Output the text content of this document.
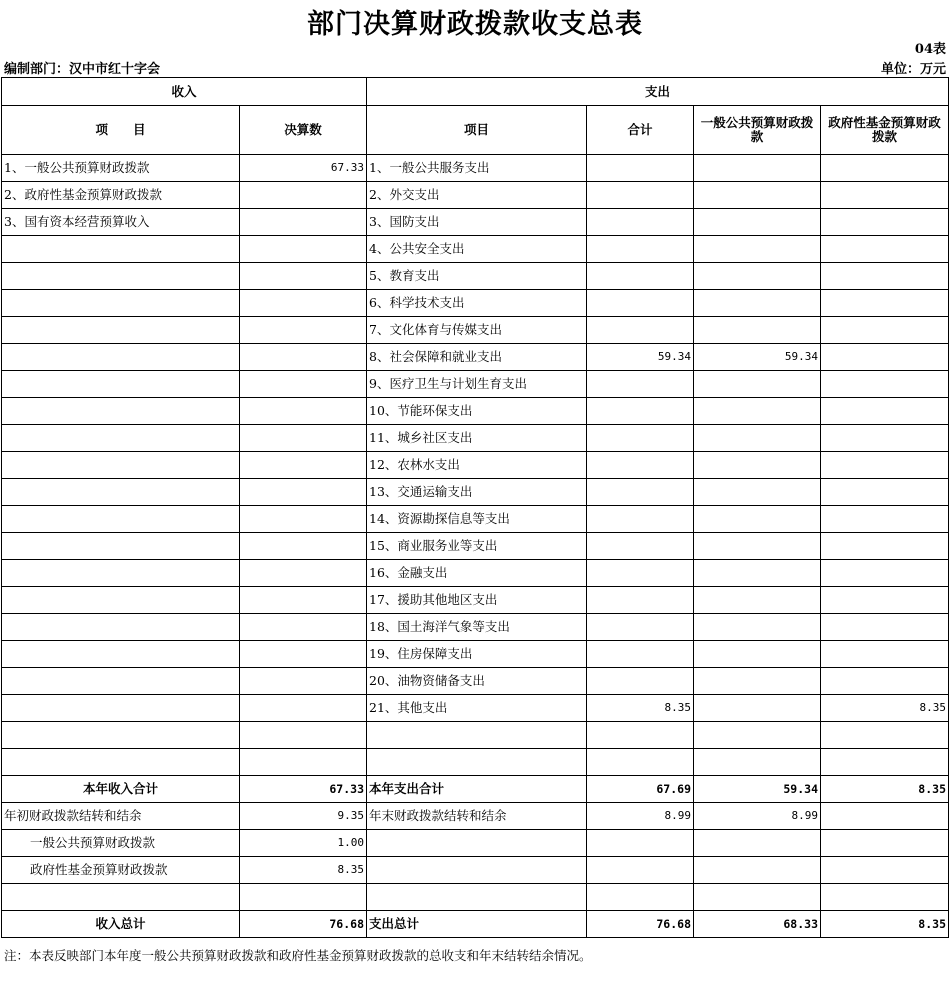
部门决算财政拨款收支总表
04表
编制部门：汉中市红十字会	单位：万元
收入		支出			
项　　目	决算数	项目	合计	一般公共预算财政拨款	政府性基金预算财政拨款
1、一般公共预算财政拨款	67.33	1、一般公共服务支出			
2、政府性基金预算财政拨款		2、外交支出			
3、国有资本经营预算收入		3、国防支出			
		4、公共安全支出			
		5、教育支出			
		6、科学技术支出			
		7、文化体育与传媒支出			
		8、社会保障和就业支出	59.34	59.34	
		9、医疗卫生与计划生育支出			
		10、节能环保支出			
		11、城乡社区支出			
		12、农林水支出			
		13、交通运输支出			
		14、资源勘探信息等支出			
		15、商业服务业等支出			
		16、金融支出			
		17、援助其他地区支出			
		18、国土海洋气象等支出			
		19、住房保障支出			
		20、油物资储备支出			
		21、其他支出	8.35		8.35

本年收入合计	67.33	本年支出合计	67.69	59.34	8.35
年初财政拨款结转和结余	9.35	年末财政拨款结转和结余	8.99	8.99	
一般公共预算财政拨款	1.00				
政府性基金预算财政拨款	8.35				

收入总计	76.68	支出总计	76.68	68.33	8.35
注：本表反映部门本年度一般公共预算财政拨款和政府性基金预算财政拨款的总收支和年末结转结余情况。
